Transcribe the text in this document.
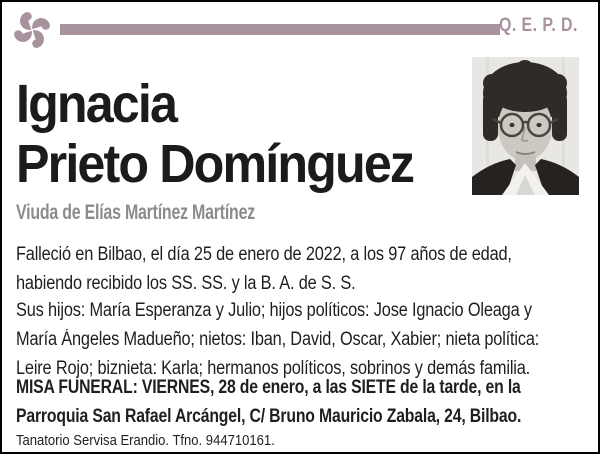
Q. E. P. D.
Ignacia
Prieto Domínguez
Viuda de Elías Martínez Martínez
Falleció en Bilbao, el día 25 de enero de 2022, a los 97 años de edad,
habiendo recibido los SS. SS. y la B. A. de S. S.
Sus hijos: María Esperanza y Julio; hijos políticos: Jose Ignacio Oleaga y
María Ángeles Madueño; nietos: Iban, David, Oscar, Xabier; nieta política:
Leire Rojo; biznieta: Karla; hermanos políticos, sobrinos y demás familia.
MISA FUNERAL: VIERNES, 28 de enero, a las SIETE de la tarde, en la
Parroquia San Rafael Arcángel, C/ Bruno Mauricio Zabala, 24, Bilbao.
Tanatorio Servisa Erandio. Tfno. 944710161.
